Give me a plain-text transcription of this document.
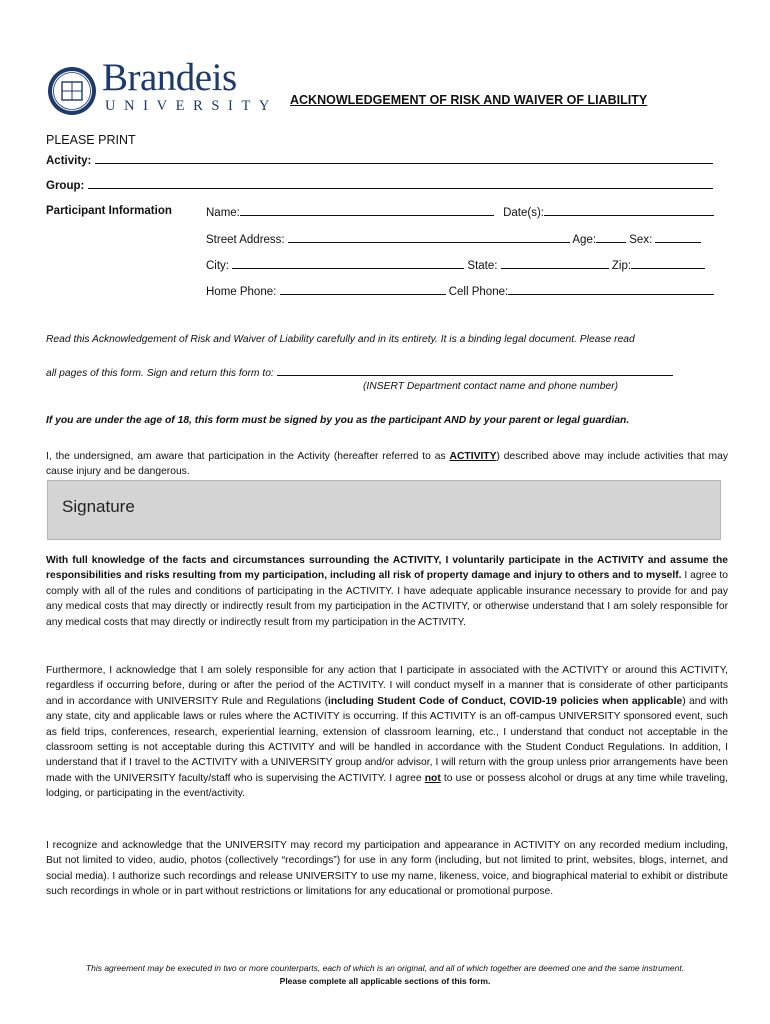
Brandeis
UNIVERSITY ACKNOWLEDGEMENT OF RISK AND WAIVER OF LIABILITY
PLEASE PRINT
Activity:
Group:
Participant Information	Name:	Date(s):
Street Address:	Age:	Sex:
City:	State:	Zip:
Home Phone:	Cell Phone:
Read this Acknowledgement of Risk and Waiver of Liability carefully and in its entirety. It is a binding legal document. Please read
all pages of this form. Sign and return this form to:
(INSERT Department contact name and phone number)
If you are under the age of 18, this form must be signed by you as the participant AND by your parent or legal guardian.
I, the undersigned, am aware that participation in the Activity (hereafter referred to as ACTIVITY) described above may include activities that may cause injury and be dangerous.
Signature
With full knowledge of the facts and circumstances surrounding the ACTIVITY, I voluntarily participate in the ACTIVITY and assume the responsibilities and risks resulting from my participation, including all risk of property damage and injury to others and to myself. I agree to comply with all of the rules and conditions of participating in the ACTIVITY. I have adequate applicable insurance necessary to provide for and pay any medical costs that may directly or indirectly result from my participation in the ACTIVITY, or otherwise understand that I am solely responsible for any medical costs that may directly or indirectly result from my participation in the ACTIVITY.
Furthermore, I acknowledge that I am solely responsible for any action that I participate in associated with the ACTIVITY or around this ACTIVITY, regardless if occurring before, during or after the period of the ACTIVITY. I will conduct myself in a manner that is considerate of other participants and in accordance with UNIVERSITY Rule and Regulations (including Student Code of Conduct, COVID-19 policies when applicable) and with any state, city and applicable laws or rules where the ACTIVITY is occurring. If this ACTIVITY is an off-campus UNIVERSITY sponsored event, such as field trips, conferences, research, experiential learning, extension of classroom learning, etc., I understand that conduct not acceptable in the classroom setting is not acceptable during this ACTIVITY and will be handled in accordance with the Student Conduct Regulations. In addition, I understand that if I travel to the ACTIVITY with a UNIVERSITY group and/or advisor, I will return with the group unless prior arrangements have been made with the UNIVERSITY faculty/staff who is supervising the ACTIVITY. I agree not to use or possess alcohol or drugs at any time while traveling, lodging, or participating in the event/activity.
I recognize and acknowledge that the UNIVERSITY may record my participation and appearance in ACTIVITY on any recorded medium including, But not limited to video, audio, photos (collectively “recordings”) for use in any form (including, but not limited to print, websites, blogs, internet, and social media). I authorize such recordings and release UNIVERSITY to use my name, likeness, voice, and biographical material to exhibit or distribute such recordings in whole or in part without restrictions or limitations for any educational or promotional purpose.
This agreement may be executed in two or more counterparts, each of which is an original, and all of which together are deemed one and the same instrument.
Please complete all applicable sections of this form.
